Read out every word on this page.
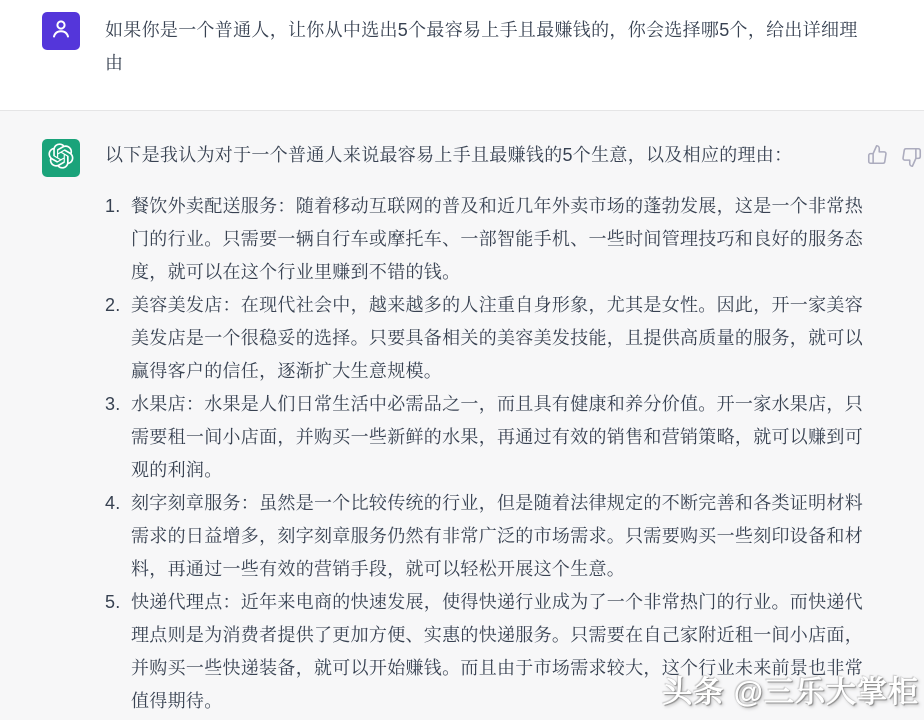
如果你是一个普通人，让你从中选出5个最容易上手且最赚钱的，你会选择哪5个，给出详细理由

以下是我认为对于一个普通人来说最容易上手且最赚钱的5个生意，以及相应的理由：

1. 餐饮外卖配送服务：随着移动互联网的普及和近几年外卖市场的蓬勃发展，这是一个非常热门的行业。只需要一辆自行车或摩托车、一部智能手机、一些时间管理技巧和良好的服务态度，就可以在这个行业里赚到不错的钱。
2. 美容美发店：在现代社会中，越来越多的人注重自身形象，尤其是女性。因此，开一家美容美发店是一个很稳妥的选择。只要具备相关的美容美发技能，且提供高质量的服务，就可以赢得客户的信任，逐渐扩大生意规模。
3. 水果店：水果是人们日常生活中必需品之一，而且具有健康和养分价值。开一家水果店，只需要租一间小店面，并购买一些新鲜的水果，再通过有效的销售和营销策略，就可以赚到可观的利润。
4. 刻字刻章服务：虽然是一个比较传统的行业，但是随着法律规定的不断完善和各类证明材料需求的日益增多，刻字刻章服务仍然有非常广泛的市场需求。只需要购买一些刻印设备和材料，再通过一些有效的营销手段，就可以轻松开展这个生意。
5. 快递代理点：近年来电商的快速发展，使得快递行业成为了一个非常热门的行业。而快递代理点则是为消费者提供了更加方便、实惠的快递服务。只需要在自己家附近租一间小店面，并购买一些快递装备，就可以开始赚钱。而且由于市场需求较大，这个行业未来前景也非常值得期待。	头条 @三乐大掌柜
